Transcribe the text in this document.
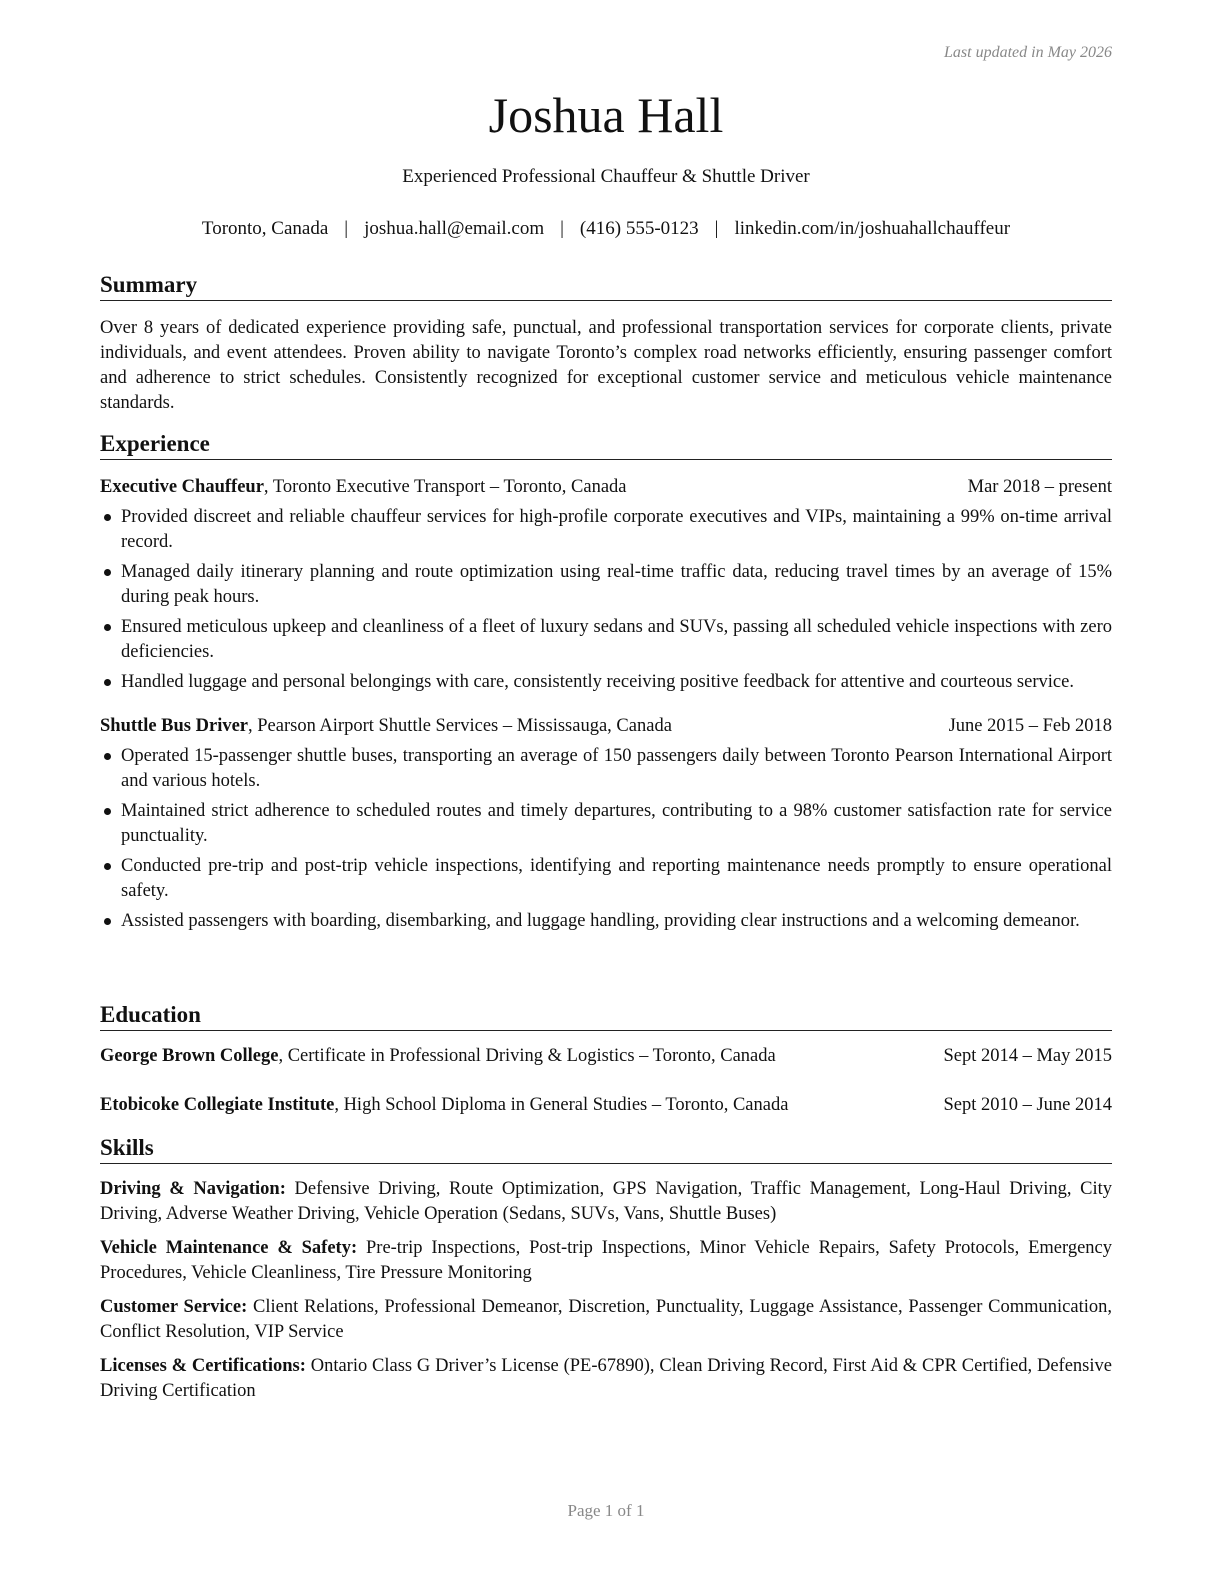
Last updated in May 2026
Joshua Hall
Experienced Professional Chauffeur & Shuttle Driver
Toronto, Canada | joshua.hall@email.com | (416) 555-0123 | linkedin.com/in/joshuahallchauffeur
Summary

Over 8 years of dedicated experience providing safe, punctual, and professional transportation services for corporate clients, private individuals, and event attendees. Proven ability to navigate Toronto’s complex road networks efficiently, ensuring passenger comfort and adherence to strict schedules. Consistently recognized for exceptional customer service and meticulous vehicle maintenance standards.

Experience
Executive Chauffeur, Toronto Executive Transport – Toronto, Canada	Mar 2018 – present
Provided discreet and reliable chauffeur services for high-profile corporate executives and VIPs, maintaining a 99% on-time arrival record.
Managed daily itinerary planning and route optimization using real-time traffic data, reducing travel times by an average of 15% during peak hours.
Ensured meticulous upkeep and cleanliness of a fleet of luxury sedans and SUVs, passing all scheduled vehicle inspections with zero deficiencies.
Handled luggage and personal belongings with care, consistently receiving positive feedback for attentive and courteous service.
Shuttle Bus Driver, Pearson Airport Shuttle Services – Mississauga, Canada	June 2015 – Feb 2018
Operated 15-passenger shuttle buses, transporting an average of 150 passengers daily between Toronto Pearson International Airport and various hotels.
Maintained strict adherence to scheduled routes and timely departures, contributing to a 98% customer satisfaction rate for service punctuality.
Conducted pre-trip and post-trip vehicle inspections, identifying and reporting maintenance needs promptly to ensure operational safety.
Assisted passengers with boarding, disembarking, and luggage handling, providing clear instructions and a welcoming demeanor.
Education
George Brown College, Certificate in Professional Driving & Logistics – Toronto, Canada	Sept 2014 – May 2015
Etobicoke Collegiate Institute, High School Diploma in General Studies – Toronto, Canada	Sept 2010 – June 2014
Skills

Driving & Navigation: Defensive Driving, Route Optimization, GPS Navigation, Traffic Management, Long-Haul Driving, City Driving, Adverse Weather Driving, Vehicle Operation (Sedans, SUVs, Vans, Shuttle Buses)

Vehicle Maintenance & Safety: Pre-trip Inspections, Post-trip Inspections, Minor Vehicle Repairs, Safety Protocols, Emergency Procedures, Vehicle Cleanliness, Tire Pressure Monitoring

Customer Service: Client Relations, Professional Demeanor, Discretion, Punctuality, Luggage Assistance, Passenger Communication, Conflict Resolution, VIP Service

Licenses & Certifications: Ontario Class G Driver’s License (PE-67890), Clean Driving Record, First Aid & CPR Certified, Defensive Driving Certification

Page 1 of 1
